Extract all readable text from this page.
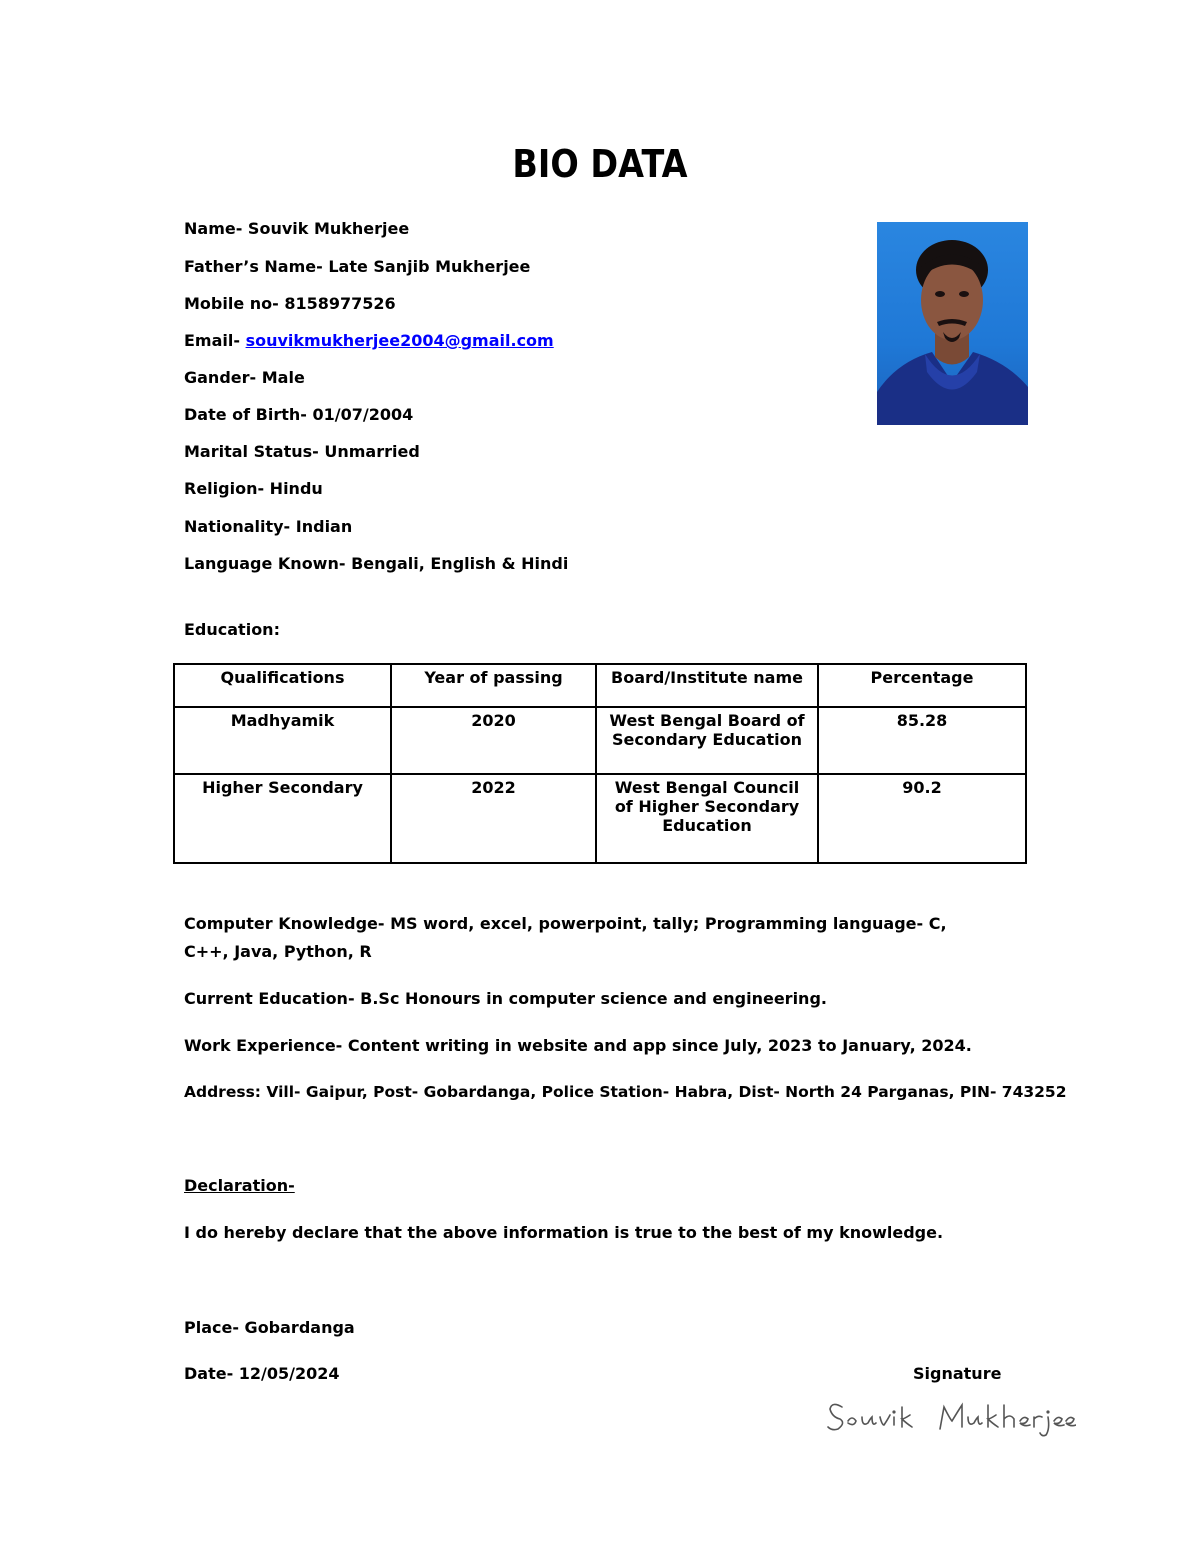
BIO DATA
Name- Souvik Mukherjee
Father’s Name- Late Sanjib Mukherjee
Mobile no- 8158977526
Email- souvikmukherjee2004@gmail.com
Gander- Male
Date of Birth- 01/07/2004
Marital Status- Unmarried
Religion- Hindu
Nationality- Indian
Language Known- Bengali, English & Hindi
Education:
Qualifications	Year of passing	Board/Institute name	Percentage
Madhyamik	2020	West Bengal Board of Secondary Education	85.28
Higher Secondary	2022	West Bengal Council of Higher Secondary Education	90.2
Computer Knowledge- MS word, excel, powerpoint, tally; Programming language- C, C++, Java, Python, R
Current Education- B.Sc Honours in computer science and engineering.
Work Experience- Content writing in website and app since July, 2023 to January, 2024.
Address: Vill- Gaipur, Post- Gobardanga, Police Station- Habra, Dist- North 24 Parganas, PIN- 743252
Declaration-
I do hereby declare that the above information is true to the best of my knowledge.
Place- Gobardanga
Date- 12/05/2024	Signature
